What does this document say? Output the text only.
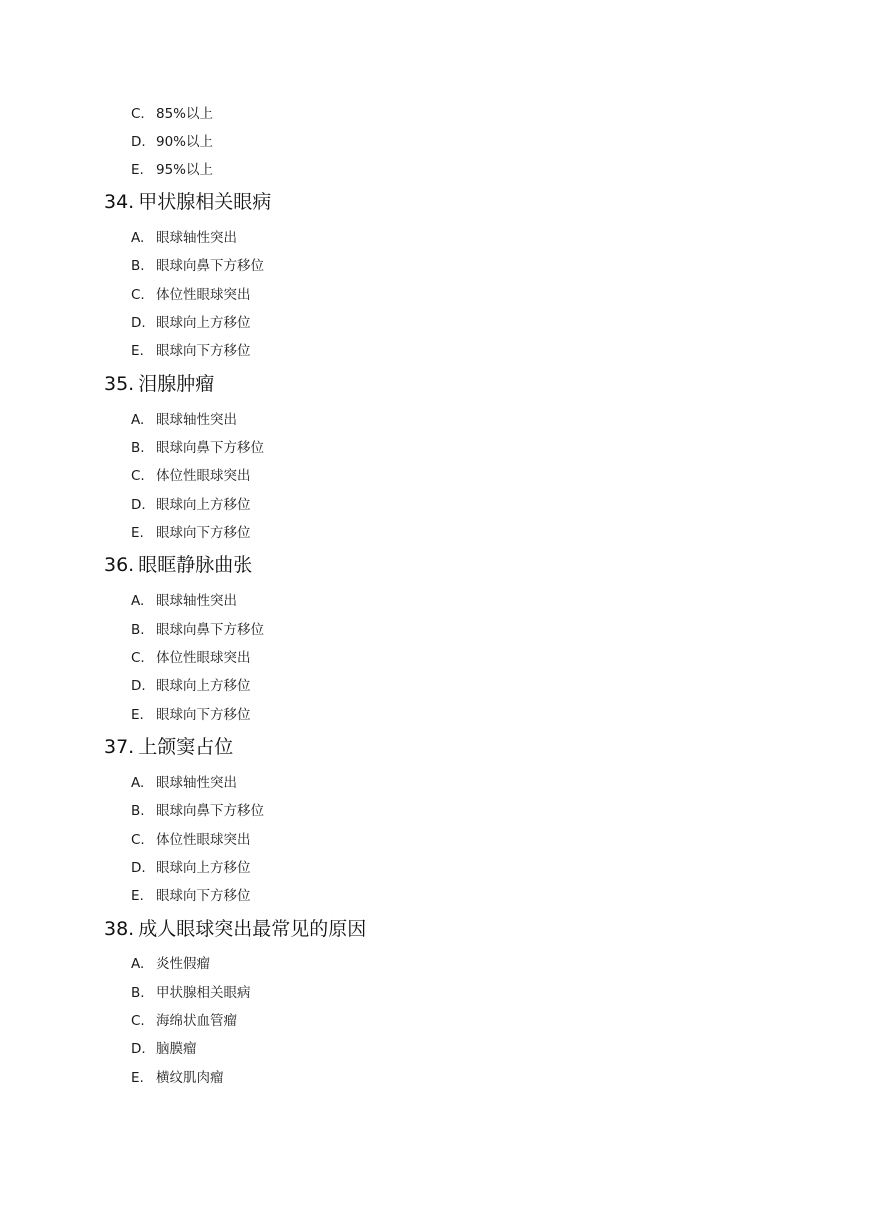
C. 85%以上
D. 90%以上
E. 95%以上
34. 甲状腺相关眼病
A. 眼球轴性突出
B. 眼球向鼻下方移位
C. 体位性眼球突出
D. 眼球向上方移位
E. 眼球向下方移位
35. 泪腺肿瘤
A. 眼球轴性突出
B. 眼球向鼻下方移位
C. 体位性眼球突出
D. 眼球向上方移位
E. 眼球向下方移位
36. 眼眶静脉曲张
A. 眼球轴性突出
B. 眼球向鼻下方移位
C. 体位性眼球突出
D. 眼球向上方移位
E. 眼球向下方移位
37. 上颌窦占位
A. 眼球轴性突出
B. 眼球向鼻下方移位
C. 体位性眼球突出
D. 眼球向上方移位
E. 眼球向下方移位
38. 成人眼球突出最常见的原因
A. 炎性假瘤
B. 甲状腺相关眼病
C. 海绵状血管瘤
D. 脑膜瘤
E. 横纹肌肉瘤
